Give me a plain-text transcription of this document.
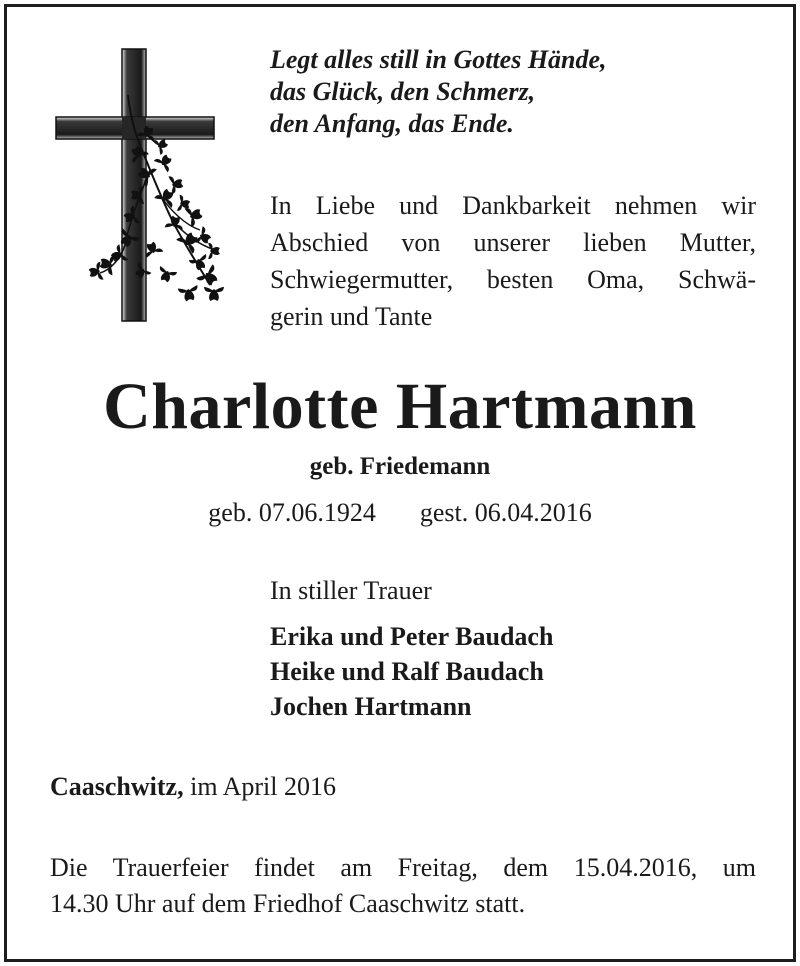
Legt alles still in Gottes Hände,
das Glück, den Schmerz,
den Anfang, das Ende.
In Liebe und Dankbarkeit nehmen wir
Abschied von unserer lieben Mutter,
Schwiegermutter, besten Oma, Schwä-
gerin und Tante
Charlotte Hartmann
geb. Friedemann
geb. 07.06.1924 gest. 06.04.2016
In stiller Trauer
Erika und Peter Baudach
Heike und Ralf Baudach
Jochen Hartmann
Caaschwitz, im April 2016
Die Trauerfeier findet am Freitag, dem 15.04.2016, um
14.30 Uhr auf dem Friedhof Caaschwitz statt.
